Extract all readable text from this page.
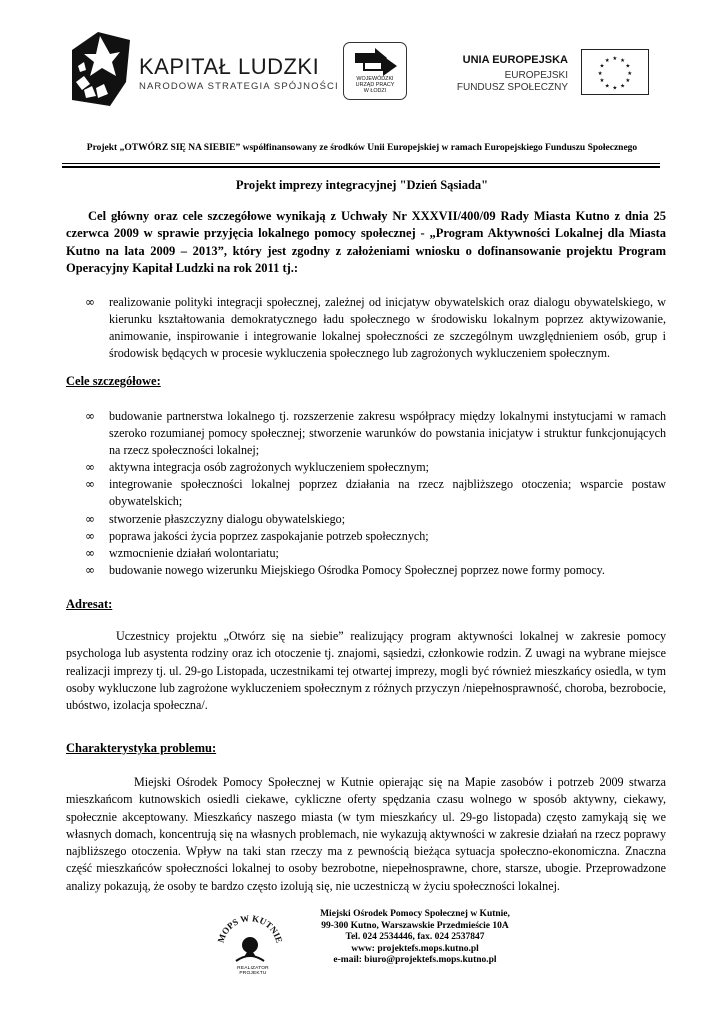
KAPITAŁ LUDZKI
NARODOWA STRATEGIA SPÓJNOŚCI
WOJEWÓDZKI
URZĄD PRACY
W ŁODZI
UNIA EUROPEJSKA
EUROPEJSKI
FUNDUSZ SPOŁECZNY
★ ★
★
★
★
★
★
★
★
★
★
★
Projekt „OTWÓRZ SIĘ NA SIEBIE” współfinansowany ze środków Unii Europejskiej w ramach Europejskiego Funduszu Społecznego
Projekt imprezy integracyjnej "Dzień Sąsiada"
Cel główny oraz cele szczegółowe wynikają z Uchwały Nr XXXVII/400/09 Rady Miasta Kutno z dnia 25 czerwca 2009 w sprawie przyjęcia lokalnego pomocy społecznej - „Program Aktywności Lokalnej dla Miasta Kutno na lata 2009 – 2013”, który jest zgodny z założeniami wniosku o dofinansowanie projektu Program Operacyjny Kapitał Ludzki na rok 2011 tj.:

∞ realizowanie polityki integracji społecznej, zależnej od inicjatyw obywatelskich oraz dialogu obywatelskiego, w kierunku kształtowania demokratycznego ładu społecznego w środowisku lokalnym poprzez aktywizowanie, animowanie, inspirowanie i integrowanie lokalnej społeczności ze szczególnym uwzględnieniem osób, grup i środowisk będących w procesie wykluczenia społecznego lub zagrożonych wykluczeniem społecznym.

Cele szczegółowe:

∞ budowanie partnerstwa lokalnego tj. rozszerzenie zakresu współpracy między lokalnymi instytucjami w ramach szeroko rozumianej pomocy społecznej; stworzenie warunków do powstania inicjatyw i struktur funkcjonujących na rzecz społeczności lokalnej;

∞ aktywna integracja osób zagrożonych wykluczeniem społecznym;

∞ integrowanie społeczności lokalnej poprzez działania na rzecz najbliższego otoczenia; wsparcie postaw obywatelskich;

∞ stworzenie płaszczyzny dialogu obywatelskiego;

∞ poprawa jakości życia poprzez zaspokajanie potrzeb społecznych;

∞ wzmocnienie działań wolontariatu;

∞ budowanie nowego wizerunku Miejskiego Ośrodka Pomocy Społecznej poprzez nowe formy pomocy.

Adresat:
Uczestnicy projektu „Otwórz się na siebie” realizujący program aktywności lokalnej w zakresie pomocy psychologa lub asystenta rodziny oraz ich otoczenie tj. znajomi, sąsiedzi, członkowie rodzin. Z uwagi na wybrane miejsce realizacji imprezy tj. ul. 29-go Listopada, uczestnikami tej otwartej imprezy, mogli być również mieszkańcy osiedla, w tym osoby wykluczone lub zagrożone wykluczeniem społecznym z różnych przyczyn /niepełnosprawność, choroba, bezrobocie, ubóstwo, izolacja społeczna/.
Charakterystyka problemu:
Miejski Ośrodek Pomocy Społecznej w Kutnie opierając się na Mapie zasobów i potrzeb 2009 stwarza mieszkańcom kutnowskich osiedli ciekawe, cykliczne oferty spędzania czasu wolnego w sposób aktywny, ciekawy, społecznie akceptowany. Mieszkańcy naszego miasta (w tym mieszkańcy ul. 29-go listopada) często zamykają się we własnych domach, koncentrują się na własnych problemach, nie wykazują aktywności w zakresie działań na rzecz poprawy najbliższego otoczenia. Wpływ na taki stan rzeczy ma z pewnością bieżąca sytuacja społeczno-ekonomiczna. Znaczna część mieszkańców społeczności lokalnej to osoby bezrobotne, niepełnosprawne, chore, starsze, ubogie. Przeprowadzone analizy pokazują, że osoby te bardzo często izolują się, nie uczestniczą w życiu społeczności lokalnej.
MOPS W KUTNIE
REALIZATOR PROJEKTU
Miejski Ośrodek Pomocy Społecznej w Kutnie,
99-300 Kutno, Warszawskie Przedmieście 10A
Tel. 024 2534446, fax. 024 2537847
www: projektefs.mops.kutno.pl
e-mail: biuro@projektefs.mops.kutno.pl
